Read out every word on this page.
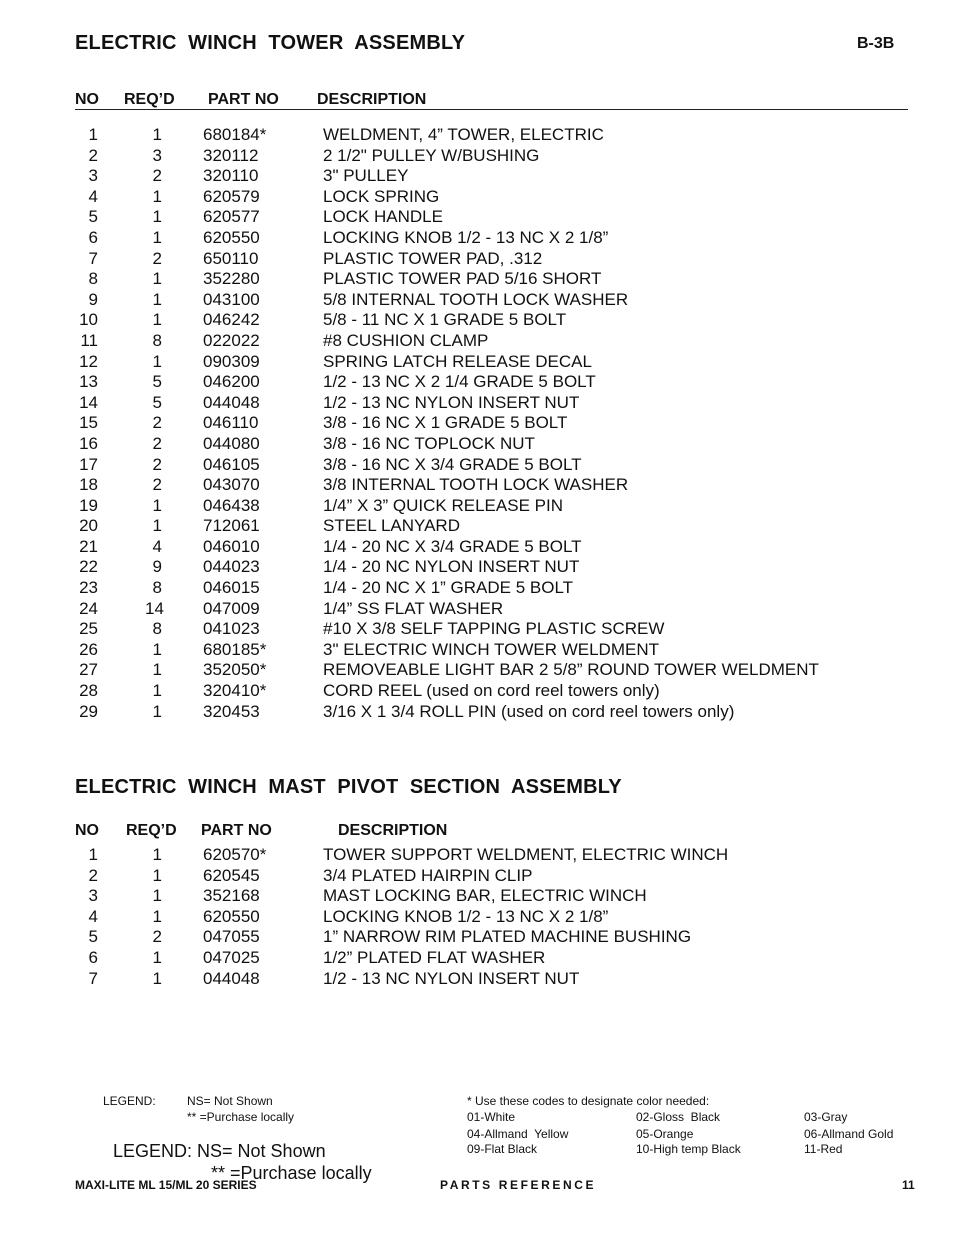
ELECTRIC  WINCH  TOWER  ASSEMBLY	B-3B
NO REQ’D PART NO DESCRIPTION
1	1 680184*	WELDMENT, 4” TOWER, ELECTRIC
2	3 320112	2 1/2" PULLEY W/BUSHING
3	2 320110	3" PULLEY
4	1 620579	LOCK SPRING
5	1 620577	LOCK HANDLE
6	1 620550	LOCKING KNOB 1/2 - 13 NC X 2 1/8”
7	2 650110	PLASTIC TOWER PAD, .312
8	1 352280	PLASTIC TOWER PAD 5/16 SHORT
9	1 043100	5/8 INTERNAL TOOTH LOCK WASHER
10	1 046242	5/8 - 11 NC X 1 GRADE 5 BOLT
11	8 022022	#8 CUSHION CLAMP
12	1 090309	SPRING LATCH RELEASE DECAL
13	5 046200	1/2 - 13 NC X 2 1/4 GRADE 5 BOLT
14	5 044048	1/2 - 13 NC NYLON INSERT NUT
15	2 046110	3/8 - 16 NC X 1 GRADE 5 BOLT
16	2 044080	3/8 - 16 NC TOPLOCK NUT
17	2 046105	3/8 - 16 NC X 3/4 GRADE 5 BOLT
18	2 043070	3/8 INTERNAL TOOTH LOCK WASHER
19	1 046438	1/4” X 3” QUICK RELEASE PIN
20	1 712061	STEEL LANYARD
21	4 046010	1/4 - 20 NC X 3/4 GRADE 5 BOLT
22	9 044023	1/4 - 20 NC NYLON INSERT NUT
23	8 046015	1/4 - 20 NC X 1” GRADE 5 BOLT
24	14 047009	1/4” SS FLAT WASHER
25	8 041023	#10 X 3/8 SELF TAPPING PLASTIC SCREW
26	1 680185*	3" ELECTRIC WINCH TOWER WELDMENT
27	1 352050*	REMOVEABLE LIGHT BAR 2 5/8” ROUND TOWER WELDMENT
28	1 320410*	CORD REEL (used on cord reel towers only)
29	1 320453	3/16 X 1 3/4 ROLL PIN (used on cord reel towers only)
ELECTRIC  WINCH  MAST  PIVOT  SECTION  ASSEMBLY
NO REQ’D PART NO	DESCRIPTION
1	1 620570*	TOWER SUPPORT WELDMENT, ELECTRIC WINCH
2	1 620545	3/4 PLATED HAIRPIN CLIP
3	1 352168	MAST LOCKING BAR, ELECTRIC WINCH
4	1 620550	LOCKING KNOB 1/2 - 13 NC X 2 1/8”
5	2 047055	1” NARROW RIM PLATED MACHINE BUSHING
6	1 047025	1/2” PLATED FLAT WASHER
7	1 044048	1/2 - 13 NC NYLON INSERT NUT
LEGEND:	NS= Not Shown
** =Purchase locally
* Use these codes to designate color needed:
01-White	02-Gloss  Black	03-Gray
04-Allmand  Yellow	05-Orange	06-Allmand Gold
09-Flat Black	10-High temp Black	11-Red
LEGEND: NS= Not Shown
** =Purchase locally
MAXI-LITE ML 15/ML 20 SERIES	PARTS REFERENCE	11
